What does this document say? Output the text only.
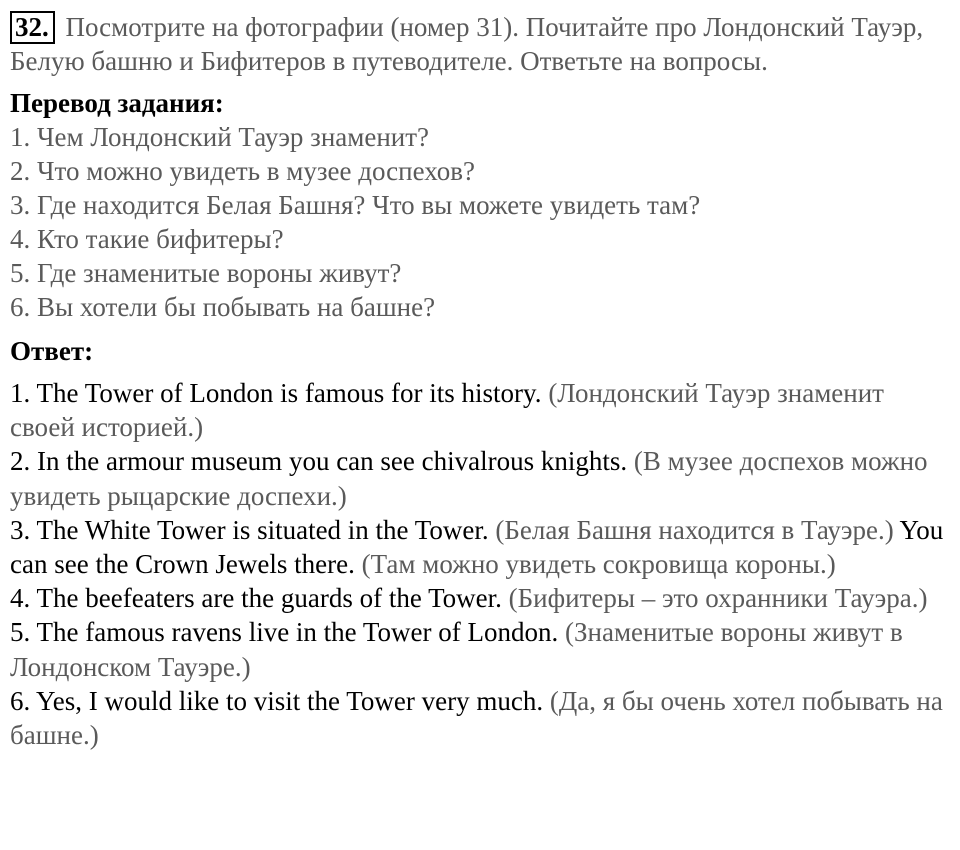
32. Посмотрите на фотографии (номер 31). Почитайте про Лондонский Тауэр, Белую башню и Бифитеров в путеводителе. Ответьте на вопросы.

Перевод задания:

1. Чем Лондонский Тауэр знаменит?

2. Что можно увидеть в музее доспехов?

3. Где находится Белая Башня? Что вы можете увидеть там?

4. Кто такие бифитеры?

5. Где знаменитые вороны живут?

6. Вы хотели бы побывать на башне?

Ответ:

1. The Tower of London is famous for its history. (Лондонский Тауэр знаменит своей историей.)

2. In the armour museum you can see chivalrous knights. (В музее доспехов можно увидеть рыцарские доспехи.)

3. The White Tower is situated in the Tower. (Белая Башня находится в Тауэре.) You can see the Crown Jewels there. (Там можно увидеть сокровища короны.)

4. The beefeaters are the guards of the Tower. (Бифитеры – это охранники Тауэра.)

5. The famous ravens live in the Tower of London. (Знаменитые вороны живут в Лондонском Тауэре.)

6. Yes, I would like to visit the Tower very much. (Да, я бы очень хотел побывать на башне.)
